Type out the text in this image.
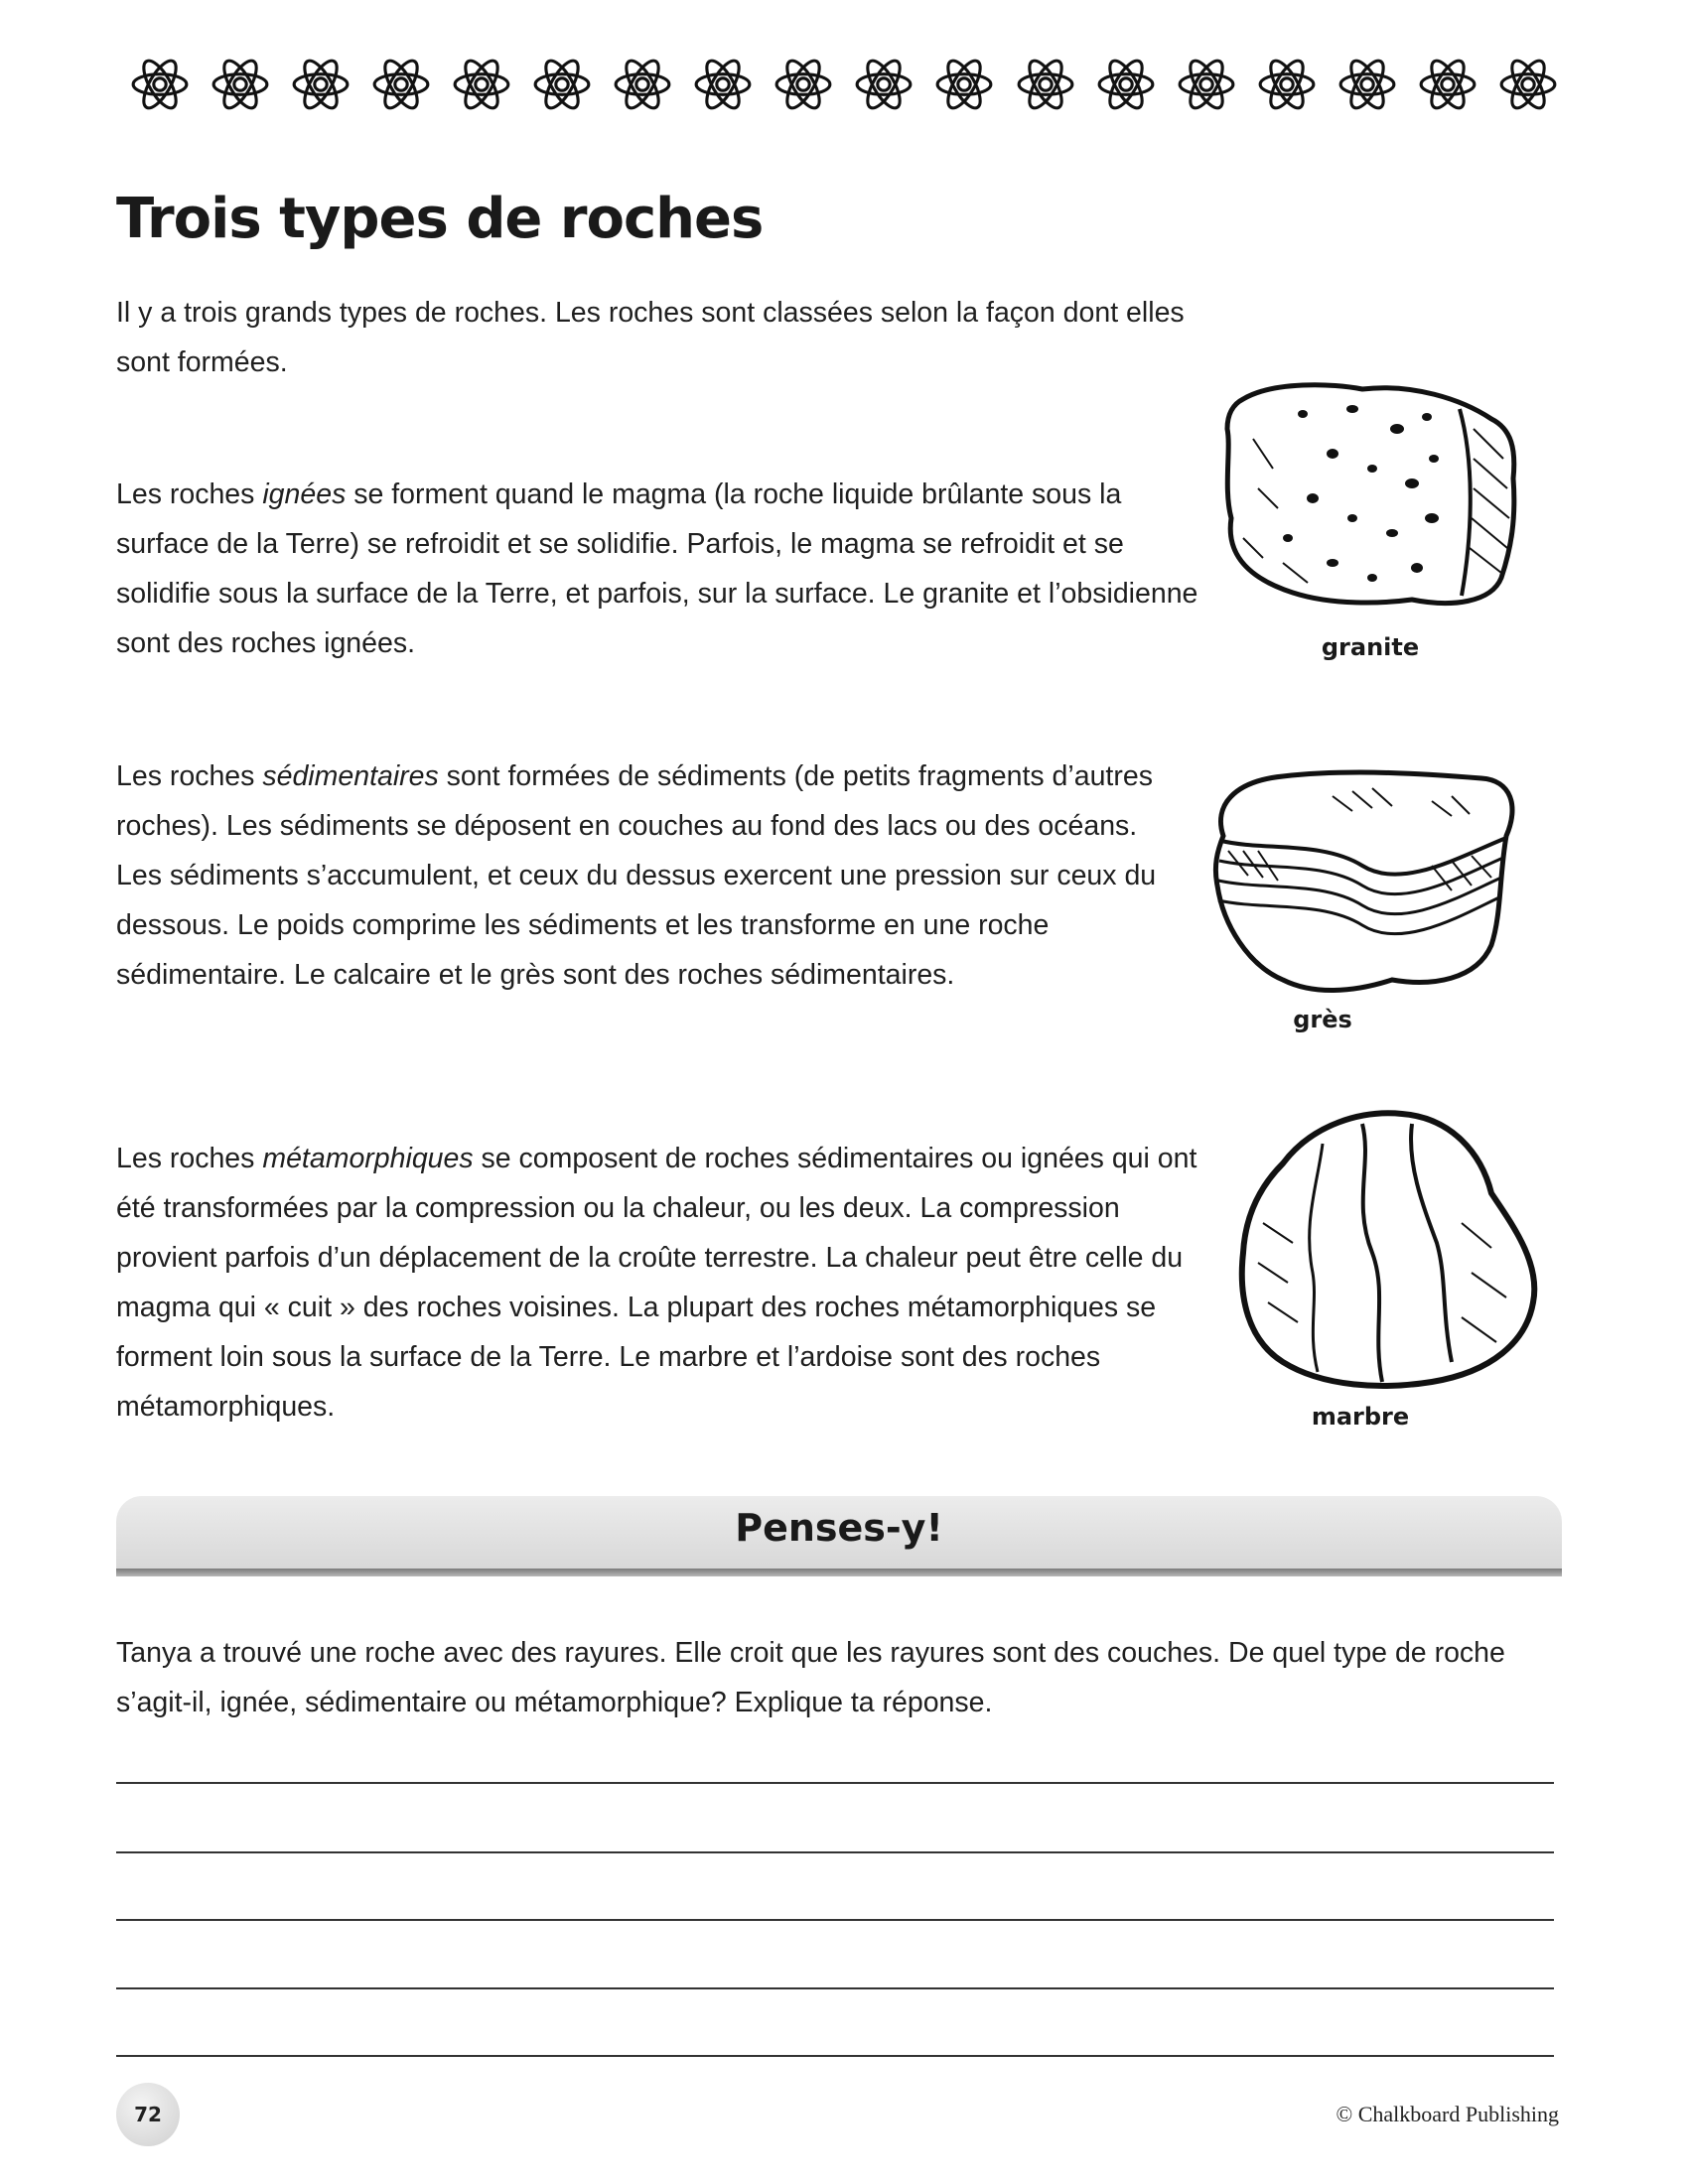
Trois types de roches

Il y a trois grands types de roches. Les roches sont classées selon la façon dont elles sont formées.

Les roches ignées se forment quand le magma (la roche liquide brûlante sous la surface de la Terre) se refroidit et se solidifie. Parfois, le magma se refroidit et se solidifie sous la surface de la Terre, et parfois, sur la surface. Le granite et l’obsidienne sont des roches ignées.

Les roches sédimentaires sont formées de sédiments (de petits fragments d’autres roches). Les sédiments se déposent en couches au fond des lacs ou des océans. Les sédiments s’accumulent, et ceux du dessus exercent une pression sur ceux du dessous. Le poids comprime les sédiments et les transforme en une roche sédimentaire. Le calcaire et le grès sont des roches sédimentaires.

Les roches métamorphiques se composent de roches sédimentaires ou ignées qui ont été transformées par la compression ou la chaleur, ou les deux. La compression provient parfois d’un déplacement de la croûte terrestre. La chaleur peut être celle du magma qui « cuit » des roches voisines. La plupart des roches métamorphiques se forment loin sous la surface de la Terre. Le marbre et l’ardoise sont des roches métamorphiques.

granite

grès

marbre

Penses-y!

Tanya a trouvé une roche avec des rayures. Elle croit que les rayures sont des couches. De quel type de roche s’agit-il, ignée, sédimentaire ou métamorphique? Explique ta réponse.

72	© Chalkboard Publishing
